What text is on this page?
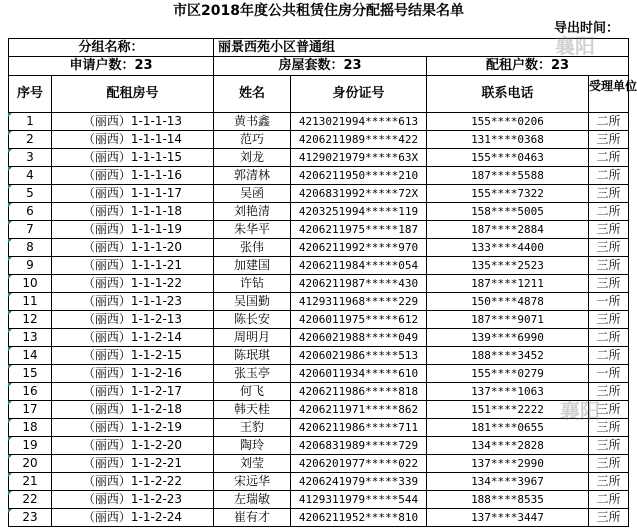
市区2018年度公共租赁住房分配摇号结果名单
导出时间：
分组名称：	丽景西苑小区普通组
申请户数：23	房屋套数：23	配租户数：23
序号	配租房号	姓名	身份证号	联系电话	受理单位
1	（丽西）1-1-1-13	黄书鑫	4213021994*****613	155****0206	二所
2	（丽西）1-1-1-14	范巧	4206211989*****422	131****0368	三所
3	（丽西）1-1-1-15	刘龙	4129021979*****63X	155****0463	二所
4	（丽西）1-1-1-16	郭清林	4206211950*****210	187****5588	二所
5	（丽西）1-1-1-17	吴函	4206831992*****72X	155****7322	三所
6	（丽西）1-1-1-18	刘艳清	4203251994*****119	158****5005	二所
7	（丽西）1-1-1-19	朱华平	4206211975*****187	187****2884	三所
8	（丽西）1-1-1-20	张伟	4206211992*****970	133****4400	三所
9	（丽西）1-1-1-21	加建国	4206211984*****054	135****2523	三所
10	（丽西）1-1-1-22	许钻	4206211987*****430	187****1211	三所
11	（丽西）1-1-1-23	吴国勤	4129311968*****229	150****4878	一所
12	（丽西）1-1-2-13	陈长安	4206011975*****612	187****9071	三所
13	（丽西）1-1-2-14	周明月	4206021988*****049	139****6990	二所
14	（丽西）1-1-2-15	陈珉琪	4206021986*****513	188****3452	二所
15	（丽西）1-1-2-16	张玉亭	4206011934*****610	155****0279	一所
16	（丽西）1-1-2-17	何飞	4206211986*****818	137****1063	三所
17	（丽西）1-1-2-18	韩天桂	4206211971*****862	151****2222	三所
18	（丽西）1-1-2-19	王豹	4206211986*****711	181****0655	三所
19	（丽西）1-1-2-20	陶玲	4206831989*****729	134****2828	三所
20	（丽西）1-1-2-21	刘莹	4206201977*****022	137****2990	三所
21	（丽西）1-1-2-22	宋远华	4206241979*****339	134****3967	三所
22	（丽西）1-1-2-23	左瑞敏	4129311979*****544	188****8535	二所
23	（丽西）1-1-2-24	崔有才	4206211952*****810	137****3447	三所
襄阳
襄阳
